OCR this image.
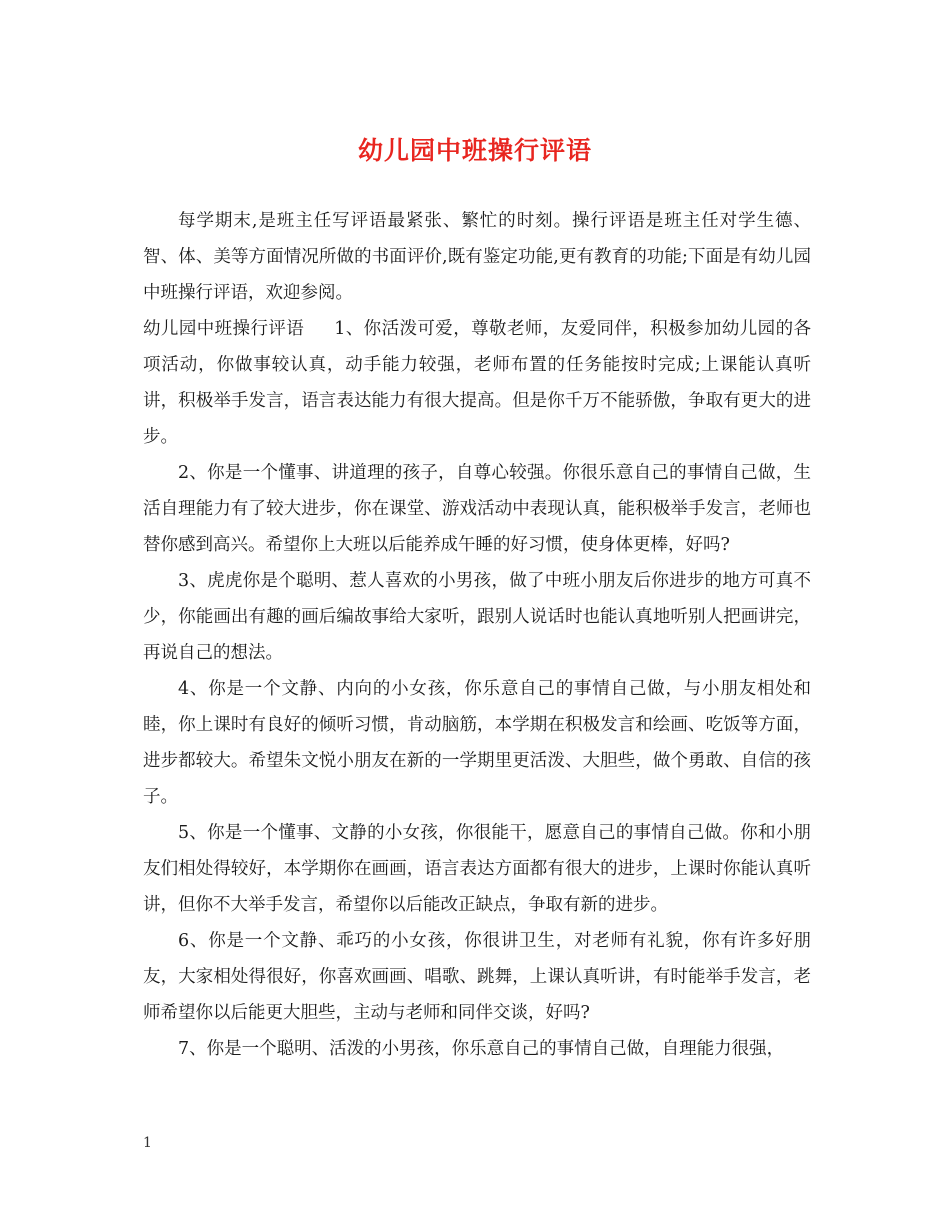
幼儿园中班操行评语

每学期末,是班主任写评语最紧张、繁忙的时刻。操行评语是班主任对学生德、智、体、美等方面情况所做的书面评价,既有鉴定功能,更有教育的功能;下面是有幼儿园中班操行评语，欢迎参阅。

幼儿园中班操行评语 1、你活泼可爱，尊敬老师，友爱同伴，积极参加幼儿园的各项活动，你做事较认真，动手能力较强，老师布置的任务能按时完成;上课能认真听讲，积极举手发言，语言表达能力有很大提高。但是你千万不能骄傲，争取有更大的进步。

2、你是一个懂事、讲道理的孩子，自尊心较强。你很乐意自己的事情自己做，生活自理能力有了较大进步，你在课堂、游戏活动中表现认真，能积极举手发言，老师也替你感到高兴。希望你上大班以后能养成午睡的好习惯，使身体更棒，好吗?

3、虎虎你是个聪明、惹人喜欢的小男孩，做了中班小朋友后你进步的地方可真不少，你能画出有趣的画后编故事给大家听，跟别人说话时也能认真地听别人把画讲完，再说自己的想法。

4、你是一个文静、内向的小女孩，你乐意自己的事情自己做，与小朋友相处和睦，你上课时有良好的倾听习惯，肯动脑筋，本学期在积极发言和绘画、吃饭等方面，进步都较大。希望朱文悦小朋友在新的一学期里更活泼、大胆些，做个勇敢、自信的孩子。

5、你是一个懂事、文静的小女孩，你很能干，愿意自己的事情自己做。你和小朋友们相处得较好，本学期你在画画，语言表达方面都有很大的进步，上课时你能认真听讲，但你不大举手发言，希望你以后能改正缺点，争取有新的进步。

6、你是一个文静、乖巧的小女孩，你很讲卫生，对老师有礼貌，你有许多好朋友，大家相处得很好，你喜欢画画、唱歌、跳舞，上课认真听讲，有时能举手发言，老师希望你以后能更大胆些，主动与老师和同伴交谈，好吗?

7、你是一个聪明、活泼的小男孩，你乐意自己的事情自己做，自理能力很强，

1
